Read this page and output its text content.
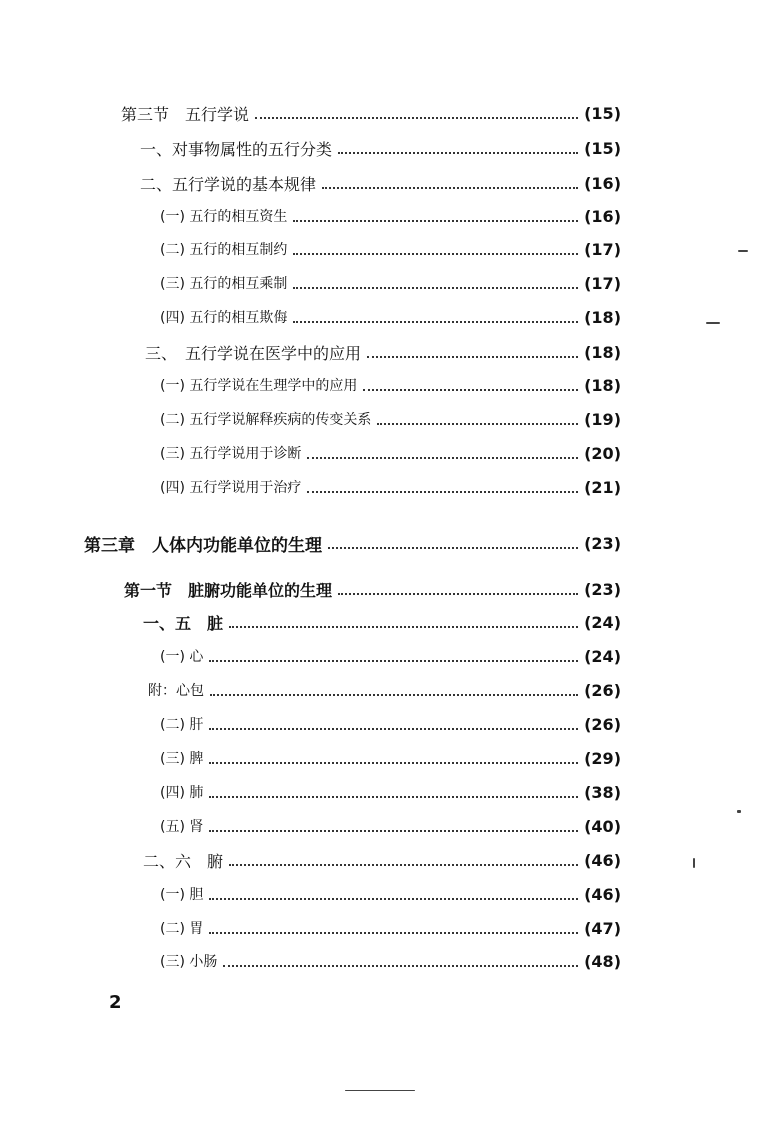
第三节　五行学说	(15)
一、对事物属性的五行分类	(15)
二、五行学说的基本规律	(16)
(一) 五行的相互资生	(16)
(二) 五行的相互制约	(17)
(三) 五行的相互乘制	(17)
(四) 五行的相互欺侮	(18)
三、　五行学说在医学中的应用	(18)
(一) 五行学说在生理学中的应用	(18)
(二) 五行学说解释疾病的传变关系	(19)
(三) 五行学说用于诊断	(20)
(四) 五行学说用于治疗	(21)
第三章　人体内功能单位的生理	(23)
第一节　脏腑功能单位的生理	(23)
一、五　脏	(24)
(一) 心	(24)
附：心包	(26)
(二) 肝	(26)
(三) 脾	(29)
(四) 肺	(38)
(五) 肾	(40)
二、六　腑	(46)
(一) 胆	(46)
(二) 胃	(47)
(三) 小肠	(48)
2
